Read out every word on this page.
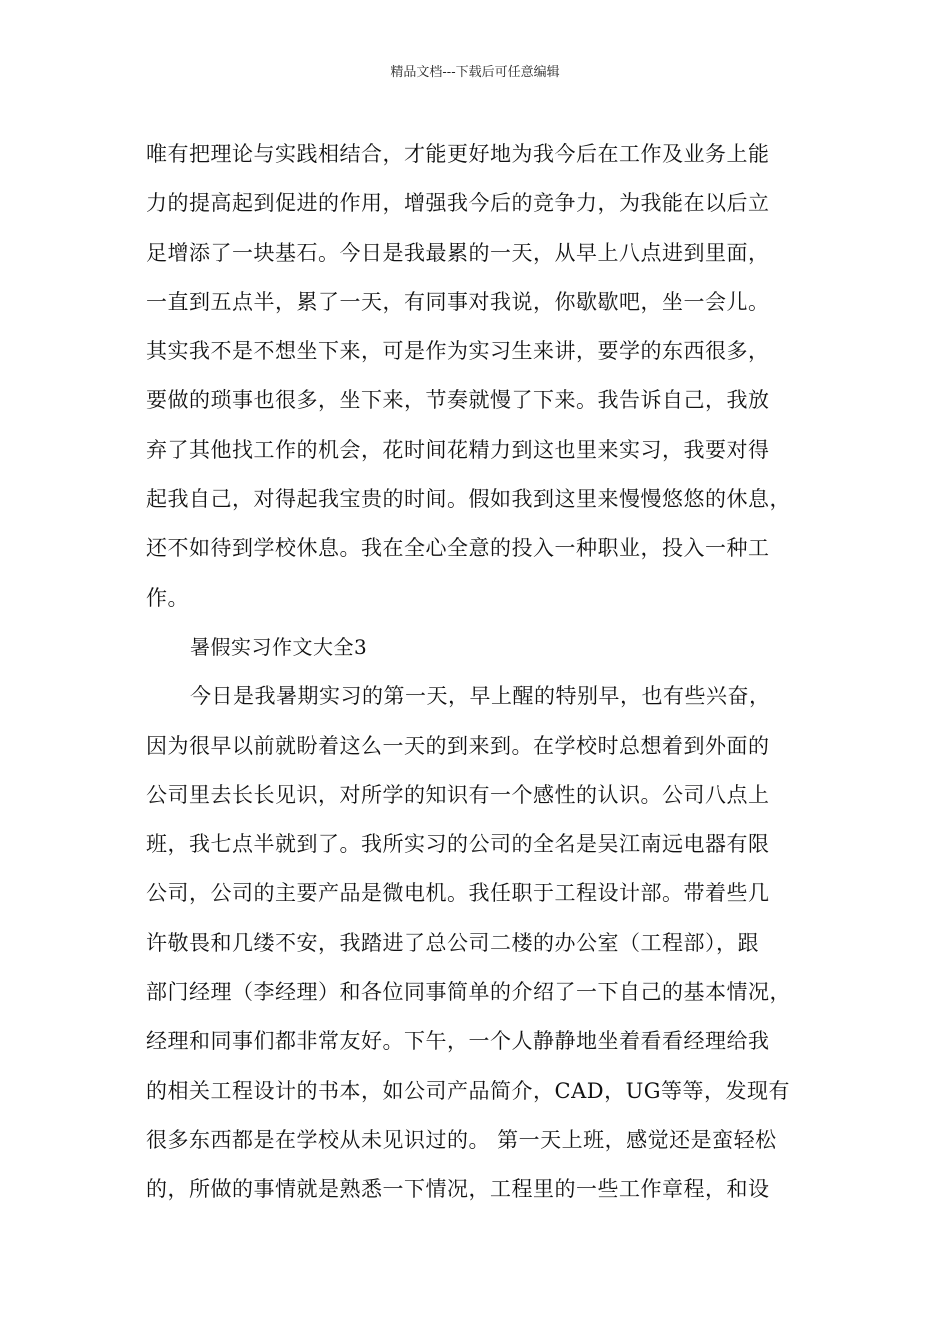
精品文档---下载后可任意编辑
唯有把理论与实践相结合，才能更好地为我今后在工作及业务上能
力的提高起到促进的作用，增强我今后的竞争力，为我能在以后立
足增添了一块基石。今日是我最累的一天，从早上八点进到里面，
一直到五点半，累了一天，有同事对我说，你歇歇吧，坐一会儿。
其实我不是不想坐下来，可是作为实习生来讲，要学的东西很多，
要做的琐事也很多，坐下来，节奏就慢了下来。我告诉自己，我放
弃了其他找工作的机会，花时间花精力到这也里来实习，我要对得
起我自己，对得起我宝贵的时间。假如我到这里来慢慢悠悠的休息，
还不如待到学校休息。我在全心全意的投入一种职业，投入一种工
作。
暑假实习作文大全3
今日是我暑期实习的第一天，早上醒的特别早，也有些兴奋，
因为很早以前就盼着这么一天的到来到。在学校时总想着到外面的
公司里去长长见识，对所学的知识有一个感性的认识。公司八点上
班，我七点半就到了。我所实习的公司的全名是吴江南远电器有限
公司，公司的主要产品是微电机。我任职于工程设计部。带着些几
许敬畏和几缕不安，我踏进了总公司二楼的办公室（工程部），跟
部门经理（李经理）和各位同事简单的介绍了一下自己的基本情况，
经理和同事们都非常友好。下午，一个人静静地坐着看看经理给我
的相关工程设计的书本，如公司产品简介，CAD，UG等等，发现有
很多东西都是在学校从未见识过的。 第一天上班，感觉还是蛮轻松
的，所做的事情就是熟悉一下情况，工程里的一些工作章程，和设
